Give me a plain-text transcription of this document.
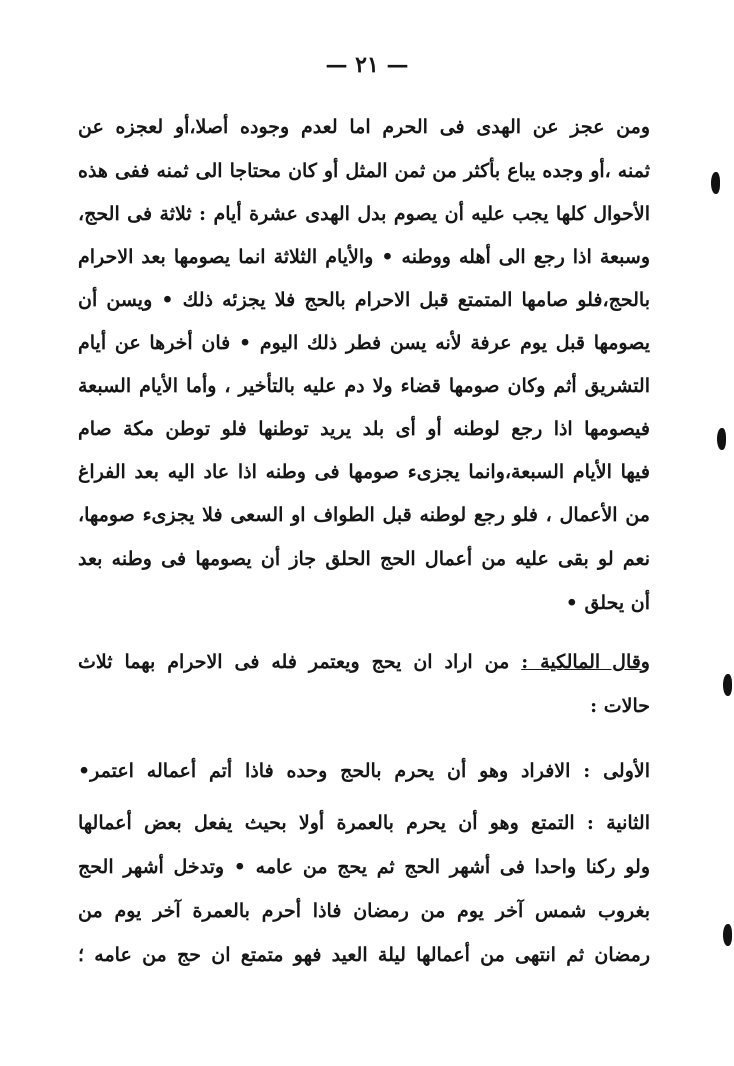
— ٢١ —
ومن عجز عن الهدى فى الحرم اما لعدم وجوده أصلا،أو لعجزه عن
ثمنه ،أو وجده يباع بأكثر من ثمن المثل أو كان محتاجا الى ثمنه ففى هذه
الأحوال كلها يجب عليه أن يصوم بدل الهدى عشرة أيام : ثلاثة فى الحج،
وسبعة اذا رجع الى أهله ووطنه • والأيام الثلاثة انما يصومها بعد الاحرام
بالحج،فلو صامها المتمتع قبل الاحرام بالحج فلا يجزئه ذلك • ويسن أن
يصومها قبل يوم عرفة لأنه يسن فطر ذلك اليوم • فان أخرها عن أيام
التشريق أثم وكان صومها قضاء ولا دم عليه بالتأخير ، وأما الأيام السبعة
فيصومها اذا رجع لوطنه أو أى بلد يريد توطنها فلو توطن مكة صام
فيها الأيام السبعة،وانما يجزىء صومها فى وطنه اذا عاد اليه بعد الفراغ
من الأعمال ، فلو رجع لوطنه قبل الطواف او السعى فلا يجزىء صومها،
نعم لو بقى عليه من أعمال الحج الحلق جاز أن يصومها فى وطنه بعد
أن يحلق •
وقال المالكية : من اراد ان يحج ويعتمر فله فى الاحرام بهما ثلاث
حالات :
الأولى : الافراد وهو أن يحرم بالحج وحده فاذا أتم أعماله اعتمر•
الثانية : التمتع وهو أن يحرم بالعمرة أولا بحيث يفعل بعض أعمالها
ولو ركنا واحدا فى أشهر الحج ثم يحج من عامه • وتدخل أشهر الحج
بغروب شمس آخر يوم من رمضان فاذا أحرم بالعمرة آخر يوم من
رمضان ثم انتهى من أعمالها ليلة العيد فهو متمتع ان حج من عامه ؛
